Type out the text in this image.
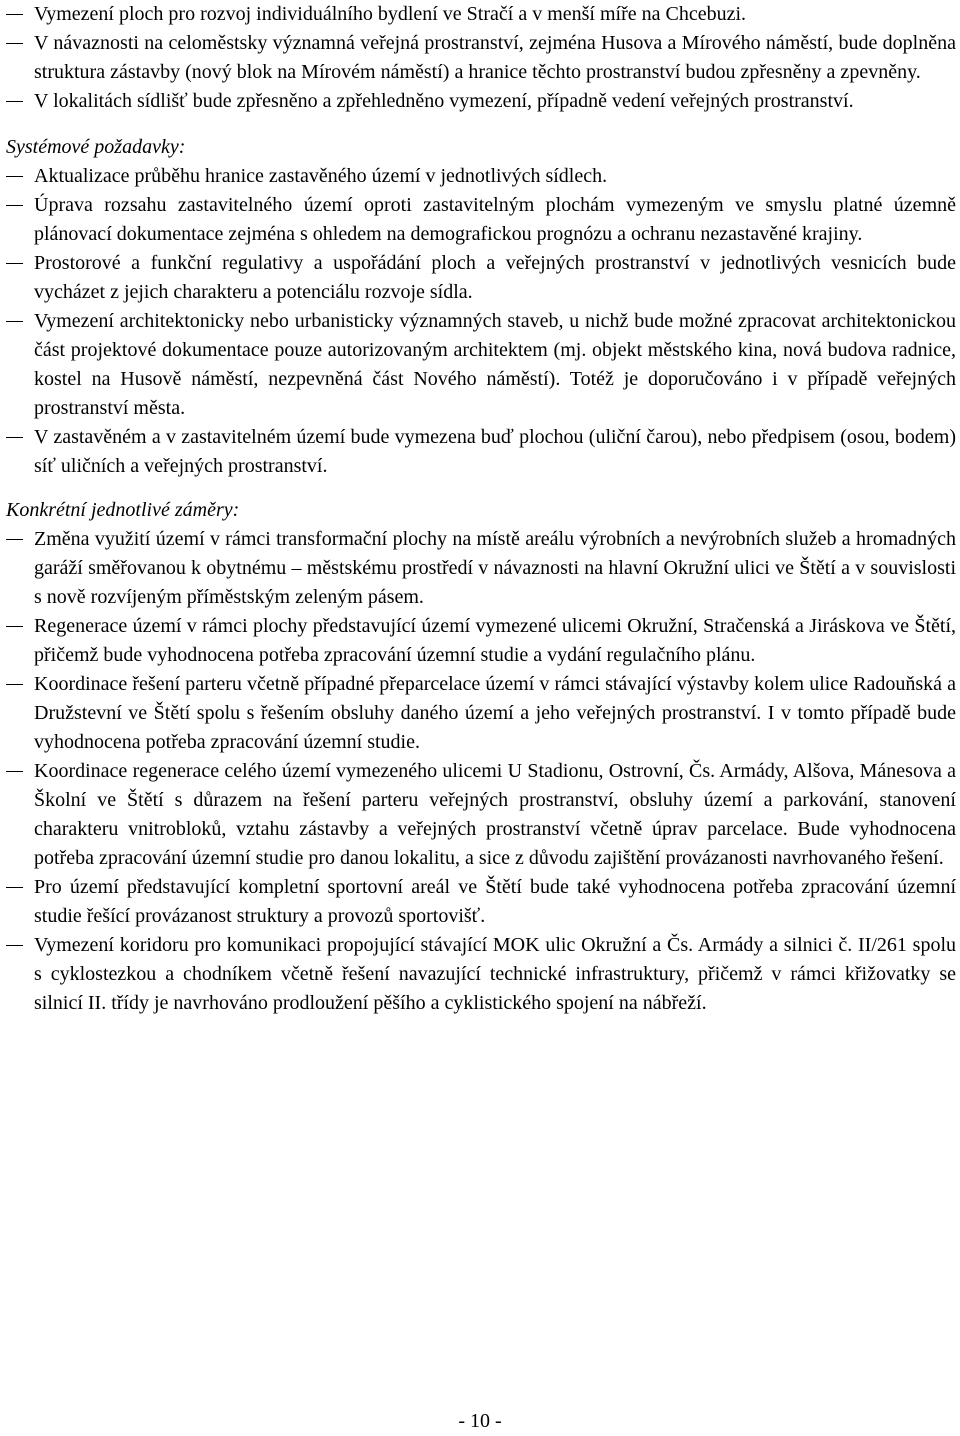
Vymezení ploch pro rozvoj individuálního bydlení ve Stračí a v menší míře na Chcebuzi.
V návaznosti na celoměstsky významná veřejná prostranství, zejména Husova a Mírového náměstí, bude doplněna struktura zástavby (nový blok na Mírovém náměstí) a hranice těchto prostranství budou zpřesněny a zpevněny.
V lokalitách sídlišť bude zpřesněno a zpřehledněno vymezení, případně vedení veřejných prostranství.

Systémové požadavky:

Aktualizace průběhu hranice zastavěného území v jednotlivých sídlech.
Úprava rozsahu zastavitelného území oproti zastavitelným plochám vymezeným ve smyslu platné územně plánovací dokumentace zejména s ohledem na demografickou prognózu a ochranu nezastavěné krajiny.
Prostorové a funkční regulativy a uspořádání ploch a veřejných prostranství v jednotlivých vesnicích bude vycházet z jejich charakteru a potenciálu rozvoje sídla.
Vymezení architektonicky nebo urbanisticky významných staveb, u nichž bude možné zpracovat architektonickou část projektové dokumentace pouze autorizovaným architektem (mj. objekt městského kina, nová budova radnice, kostel na Husově náměstí, nezpevněná část Nového náměstí). Totéž je doporučováno i v případě veřejných prostranství města.
V zastavěném a v zastavitelném území bude vymezena buď plochou (uliční čarou), nebo předpisem (osou, bodem) síť uličních a veřejných prostranství.

Konkrétní jednotlivé záměry:

Změna využití území v rámci transformační plochy na místě areálu výrobních a nevýrobních služeb a hromadných garáží směřovanou k obytnému – městskému prostředí v návaznosti na hlavní Okružní ulici ve Štětí a v souvislosti s nově rozvíjeným příměstským zeleným pásem.
Regenerace území v rámci plochy představující území vymezené ulicemi Okružní, Stračenská a Jiráskova ve Štětí, přičemž bude vyhodnocena potřeba zpracování územní studie a vydání regulačního plánu.
Koordinace řešení parteru včetně případné přeparcelace území v rámci stávající výstavby kolem ulice Radouňská a Družstevní ve Štětí spolu s řešením obsluhy daného území a jeho veřejných prostranství. I v tomto případě bude vyhodnocena potřeba zpracování územní studie.
Koordinace regenerace celého území vymezeného ulicemi U Stadionu, Ostrovní, Čs. Armády, Alšova, Mánesova a Školní ve Štětí s důrazem na řešení parteru veřejných prostranství, obsluhy území a parkování, stanovení charakteru vnitrobloků, vztahu zástavby a veřejných prostranství včetně úprav parcelace. Bude vyhodnocena potřeba zpracování územní studie pro danou lokalitu, a sice z důvodu zajištění provázanosti navrhovaného řešení.
Pro území představující kompletní sportovní areál ve Štětí bude také vyhodnocena potřeba zpracování územní studie řešící provázanost struktury a provozů sportovišť.
Vymezení koridoru pro komunikaci propojující stávající MOK ulic Okružní a Čs. Armády a silnici č. II/261 spolu s cyklostezkou a chodníkem včetně řešení navazující technické infrastruktury, přičemž v rámci křižovatky se silnicí II. třídy je navrhováno prodloužení pěšího a cyklistického spojení na nábřeží.
- 10 -
